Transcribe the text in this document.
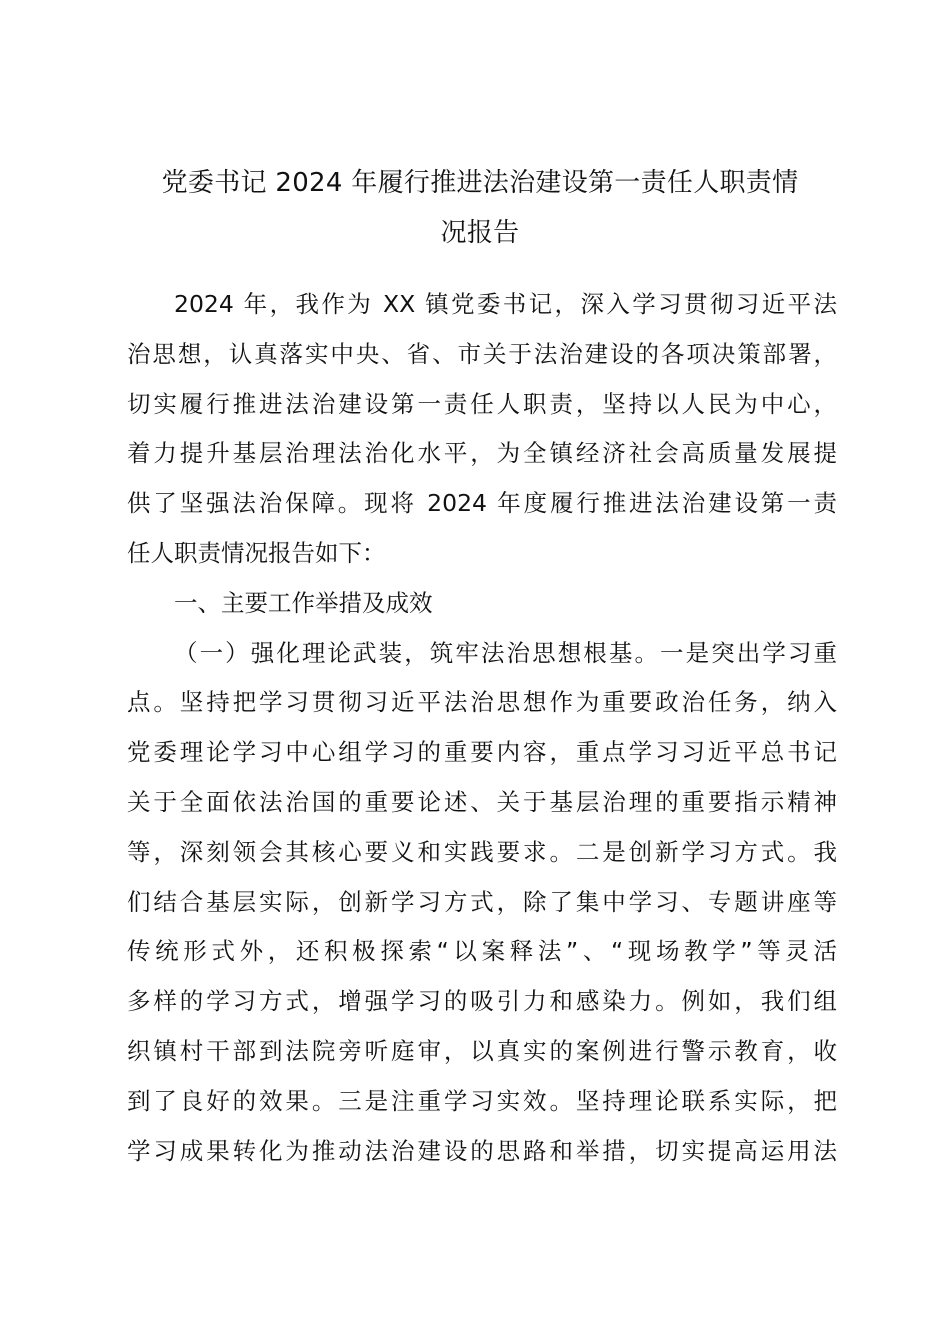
党委书记 2024 年履行推进法治建设第一责任人职责情
况报告
2024 年，我作为 XX 镇党委书记，深入学习贯彻习近平法
治思想，认真落实中央、省、市关于法治建设的各项决策部署，
切实履行推进法治建设第一责任人职责，坚持以人民为中心，
着力提升基层治理法治化水平，为全镇经济社会高质量发展提
供了坚强法治保障。现将 2024 年度履行推进法治建设第一责
任人职责情况报告如下：
一、主要工作举措及成效
（一）强化理论武装，筑牢法治思想根基。一是突出学习重
点。坚持把学习贯彻习近平法治思想作为重要政治任务，纳入
党委理论学习中心组学习的重要内容，重点学习习近平总书记
关于全面依法治国的重要论述、关于基层治理的重要指示精神
等，深刻领会其核心要义和实践要求。二是创新学习方式。我
们结合基层实际，创新学习方式，除了集中学习、专题讲座等
传统形式外，还积极探索“以案释法”、“现场教学”等灵活
多样的学习方式，增强学习的吸引力和感染力。例如，我们组
织镇村干部到法院旁听庭审，以真实的案例进行警示教育，收
到了良好的效果。三是注重学习实效。坚持理论联系实际，把
学习成果转化为推动法治建设的思路和举措，切实提高运用法
